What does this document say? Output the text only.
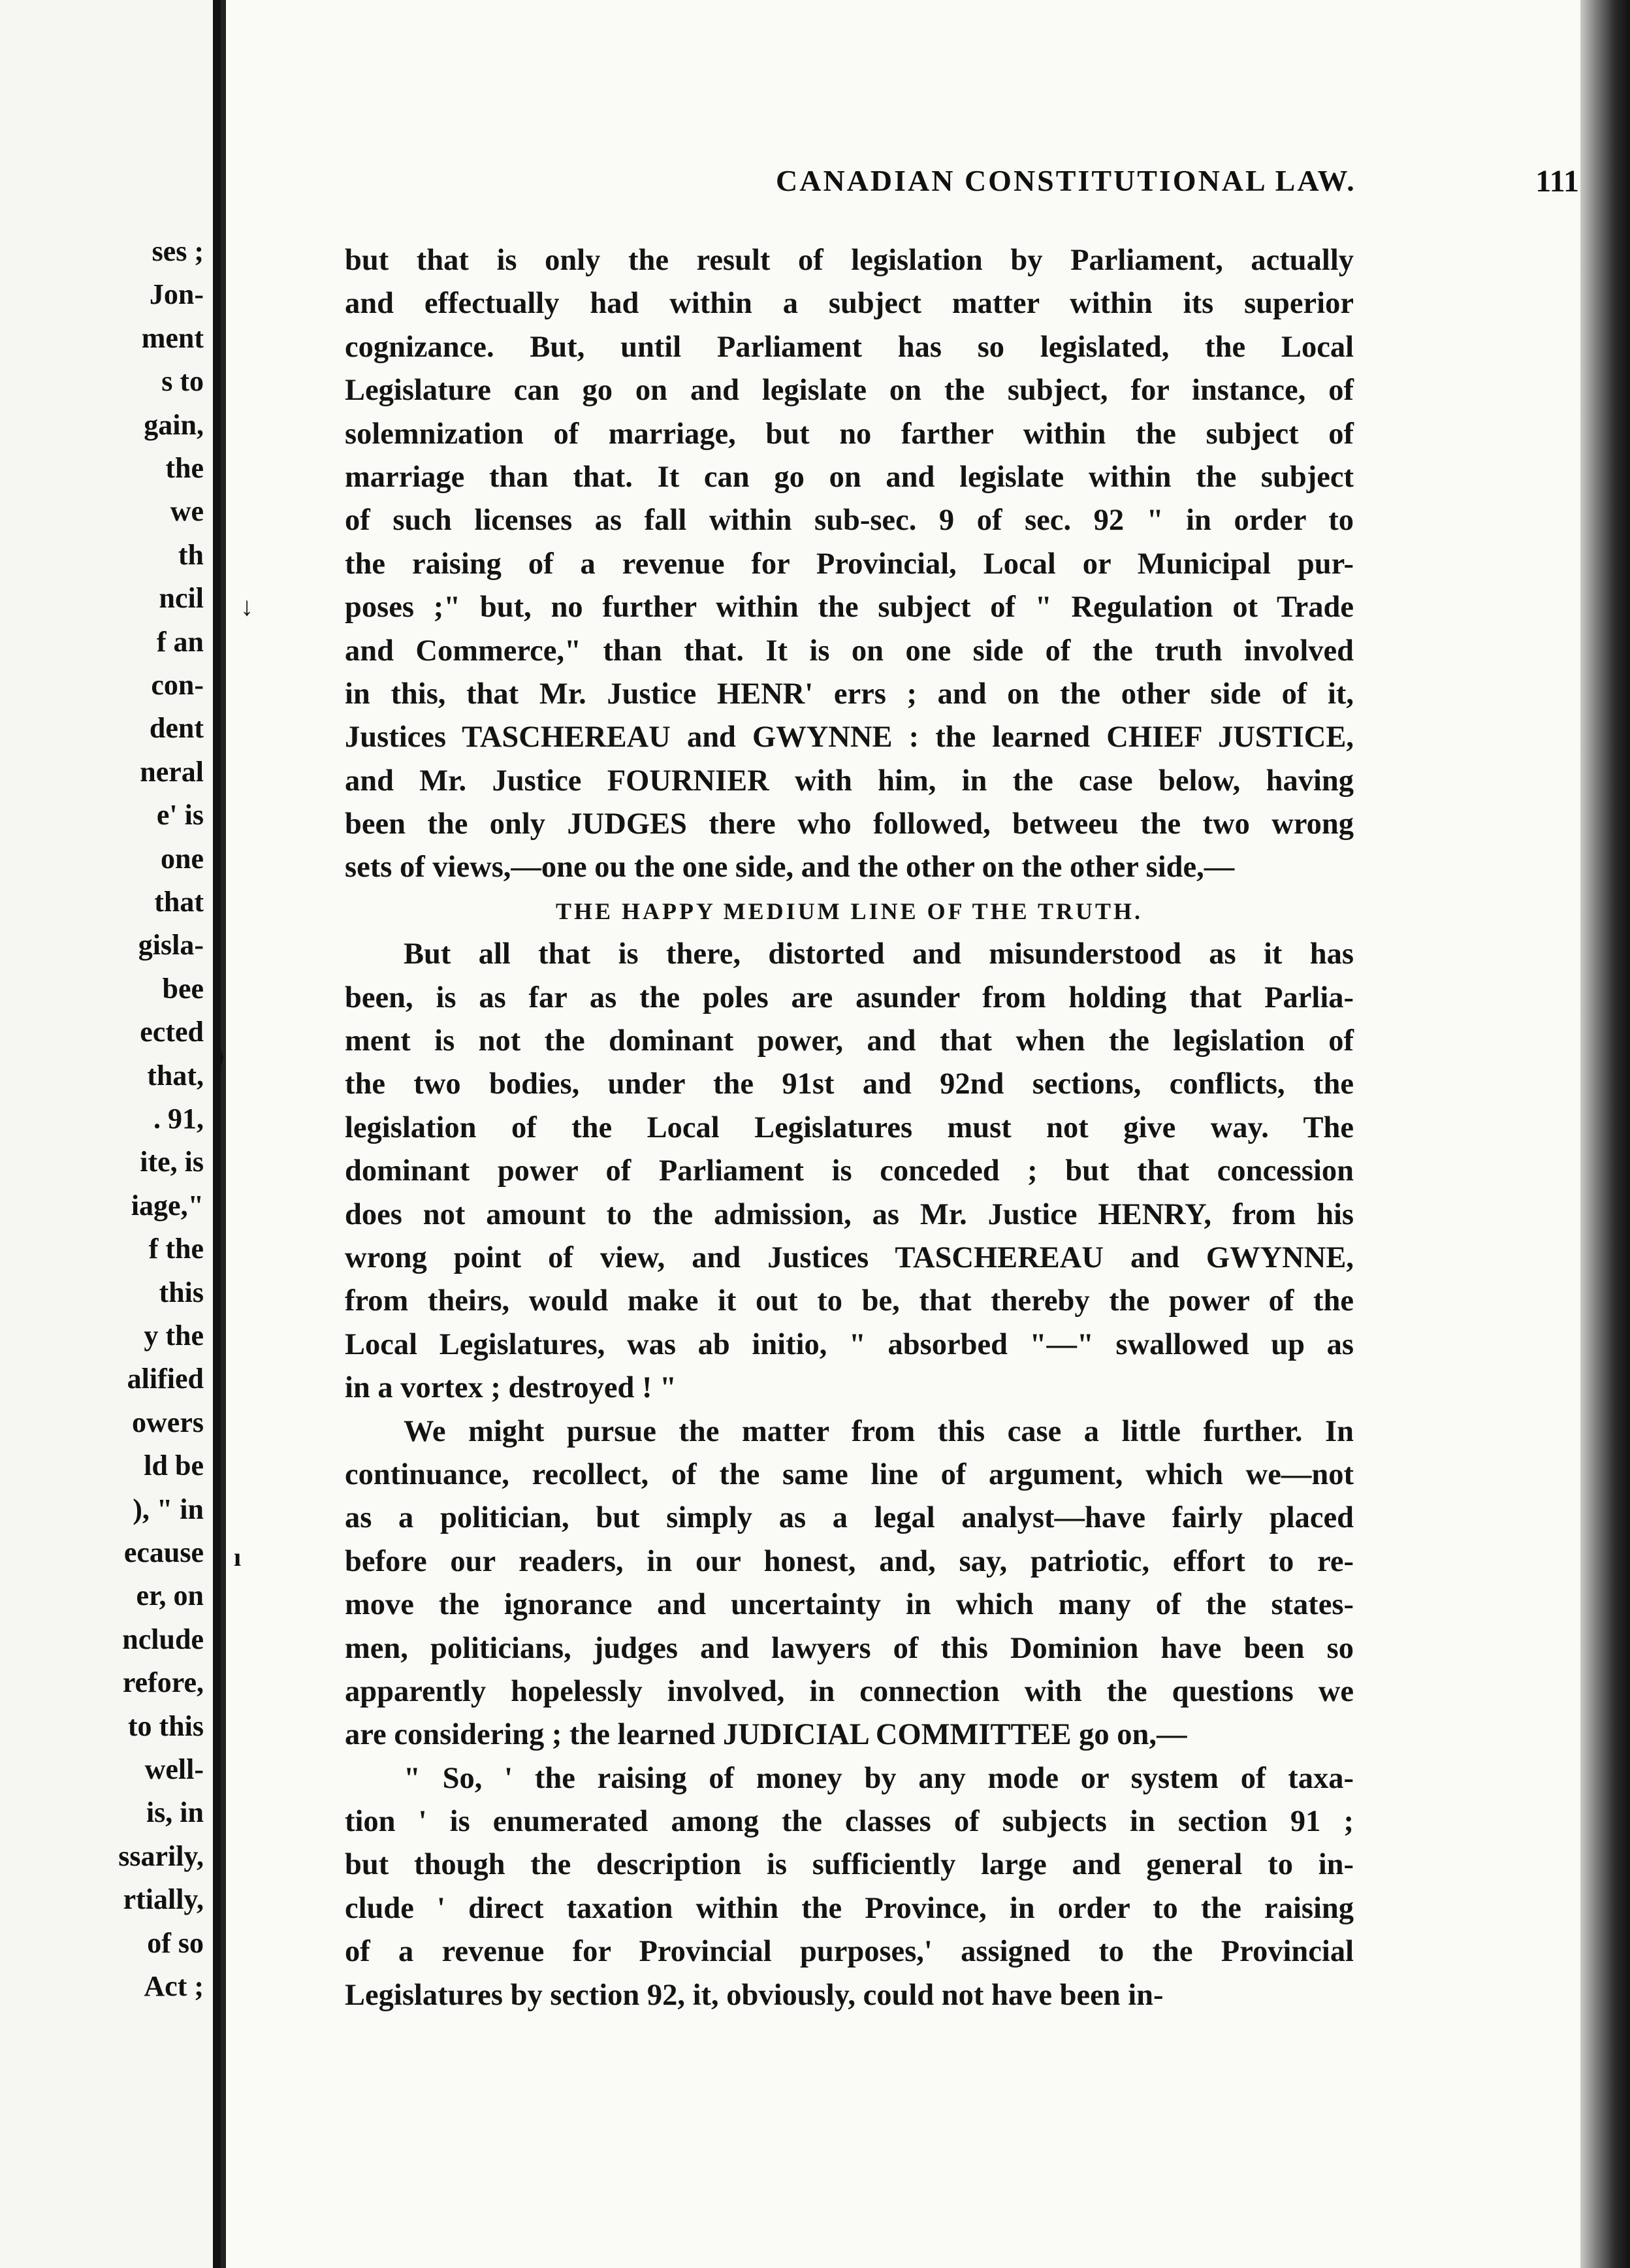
ses ;
Jon-
ment
s to
gain,
the
we
th
ncil
f an
con-
dent
neral
e' is
one
that
gisla-
bee
ected
that,
. 91,
ite, is
iage,"
f the
this
y the
alified
owers
ld be
), " in
ecause
er, on
nclude
refore,
to this
well-
is, in
ssarily,
rtially,
of so
Act ;
CANADIAN CONSTITUTIONAL LAW.	111
but that is only the result of legislation by Parliament, actually
and effectually had within a subject matter within its superior
cognizance. But, until Parliament has so legislated, the Local
Legislature can go on and legislate on the subject, for instance, of
solemnization of marriage, but no farther within the subject of
marriage than that. It can go on and legislate within the subject
of such licenses as fall within sub-sec. 9 of sec. 92 " in order to
the raising of a revenue for Provincial, Local or Municipal pur-
poses ;" but, no further within the subject of " Regulation ot Trade
and Commerce," than that. It is on one side of the truth involved
in this, that Mr. Justice HENR' errs ; and on the other side of it,
Justices TASCHEREAU and GWYNNE : the learned CHIEF JUSTICE,
and Mr. Justice FOURNIER with him, in the case below, having
been the only JUDGES there who followed, betweeu the two wrong
sets of views,—one ou the one side, and the other on the other side,—
THE HAPPY MEDIUM LINE OF THE TRUTH.
But all that is there, distorted and misunderstood as it has
been, is as far as the poles are asunder from holding that Parlia-
ment is not the dominant power, and that when the legislation of
the two bodies, under the 91st and 92nd sections, conflicts, the
legislation of the Local Legislatures must not give way. The
dominant power of Parliament is conceded ; but that concession
does not amount to the admission, as Mr. Justice HENRY, from his
wrong point of view, and Justices TASCHEREAU and GWYNNE,
from theirs, would make it out to be, that thereby the power of the
Local Legislatures, was ab initio, " absorbed "—" swallowed up as
in a vortex ; destroyed ! "
We might pursue the matter from this case a little further. In
continuance, recollect, of the same line of argument, which we—not
as a politician, but simply as a legal analyst—have fairly placed
before our readers, in our honest, and, say, patriotic, effort to re-
move the ignorance and uncertainty in which many of the states-
men, politicians, judges and lawyers of this Dominion have been so
apparently hopelessly involved, in connection with the questions we
are considering ; the learned JUDICIAL COMMITTEE go on,—
" So, ' the raising of money by any mode or system of taxa-
tion ' is enumerated among the classes of subjects in section 91 ;
but though the description is sufficiently large and general to in-
clude ' direct taxation within the Province, in order to the raising
of a revenue for Provincial purposes,' assigned to the Provincial
Legislatures by section 92, it, obviously, could not have been in-
↓
⟩
ı
